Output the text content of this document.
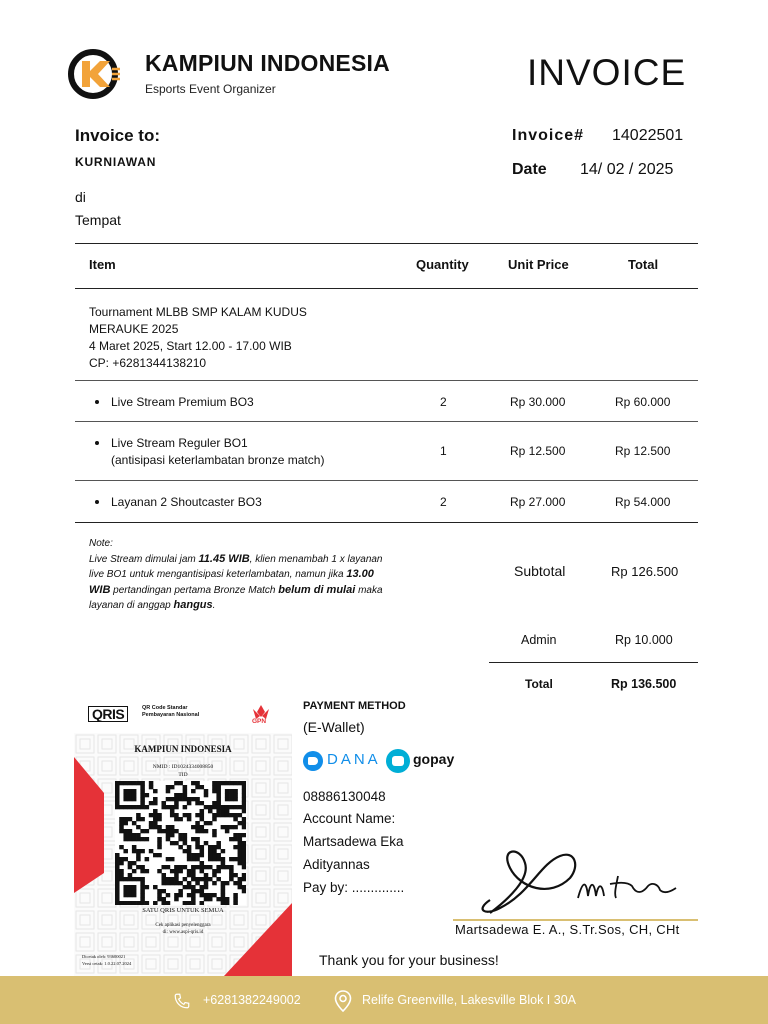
KAMPIUN INDONESIA
Esports Event Organizer	INVOICE
Invoice to:
KURNIAWAN
di
Tempat
Invoice# 14022501
Date 14/ 02 / 2025
Item	Quantity	Unit Price	Total
Tournament MLBB SMP KALAM KUDUS
MERAUKE 2025
4 Maret 2025, Start 12.00 - 17.00 WIB
CP: +6281344138210
Live Stream Premium BO3	2	Rp 30.000	Rp 60.000
Live Stream Reguler BO1
(antisipasi keterlambatan bronze match)
1	Rp 12.500	Rp 12.500
Layanan 2 Shoutcaster BO3	2	Rp 27.000	Rp 54.000
Note:
Live Stream dimulai jam 11.45 WIB, klien menambah 1 x layanan live BO1 untuk mengantisipasi keterlambatan, namun jika 13.00 WIB pertandingan pertama Bronze Match belum di mulai maka layanan di anggap hangus.
Subtotal	Rp 126.500
Admin	Rp 10.000
Total	Rp 136.500
QRIS	QR Code Standar
Pembayaran Nasional
GPN
KAMPIUN INDONESIA
NMID : ID1024334008850
TID
SATU QRIS UNTUK SEMUA
Cek aplikasi penyelenggara
di: www.aspi-qris.id
Dicetak oleh: 93600021
Versi cetak: 1.0.22.07.2024
PAYMENT METHOD
(E-Wallet)
DANA gopay
08886130048
Account Name:
Martsadewa Eka
Adityannas
Pay by: ..............
Martsadewa E. A., S.Tr.Sos, CH, CHt
Thank you for your business!
+6281382249002	Relife Greenville, Lakesville Blok I 30A
